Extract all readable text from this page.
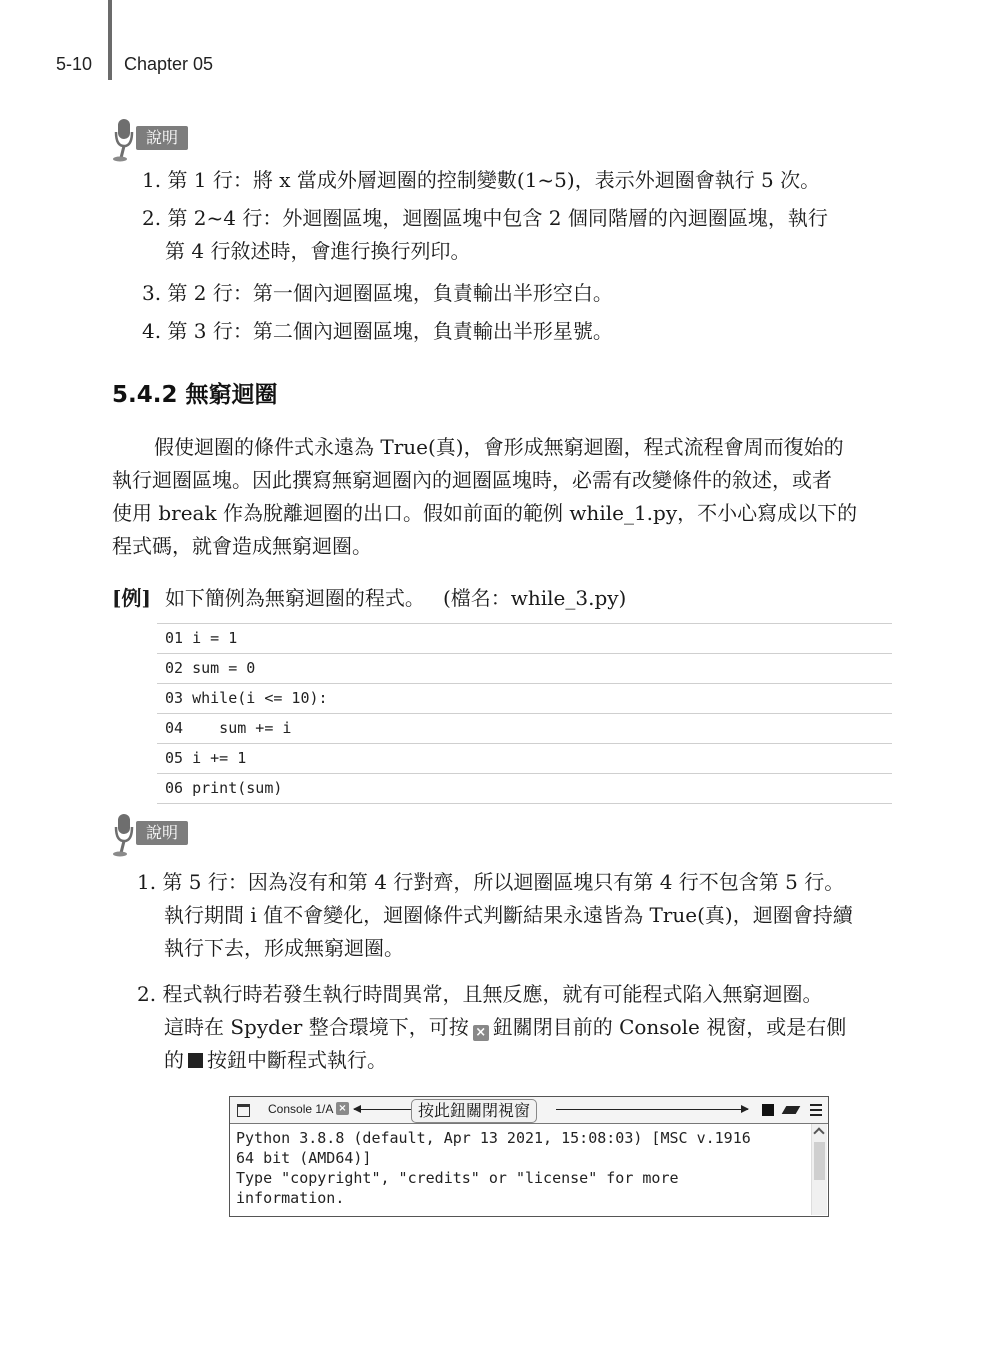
5-10 Chapter 05
說明
1. 第 1 行：將 x 當成外層迴圈的控制變數(1~5)，表示外迴圈會執行 5 次。
2. 第 2~4 行：外迴圈區塊，迴圈區塊中包含 2 個同階層的內迴圈區塊，執行
第 4 行敘述時，會進行換行列印。
3. 第 2 行：第一個內迴圈區塊，負責輸出半形空白。
4. 第 3 行：第二個內迴圈區塊，負責輸出半形星號。
5.4.2 無窮迴圈
假使迴圈的條件式永遠為 True(真)，會形成無窮迴圈，程式流程會周而復始的
執行迴圈區塊。因此撰寫無窮迴圈內的迴圈區塊時，必需有改變條件的敘述，或者
使用 break 作為脫離迴圈的出口。假如前面的範例 while_1.py，不小心寫成以下的
程式碼，就會造成無窮迴圈。
[例] 如下簡例為無窮迴圈的程式。 (檔名：while_3.py)
01 i = 1
02 sum = 0
03 while(i <= 10):
04    sum += i
05 i += 1
06 print(sum)
說明
1. 第 5 行：因為沒有和第 4 行對齊，所以迴圈區塊只有第 4 行不包含第 5 行。
執行期間 i 值不會變化，迴圈條件式判斷結果永遠皆為 True(真)，迴圈會持續
執行下去，形成無窮迴圈。
2. 程式執行時若發生執行時間異常，且無反應，就有可能程式陷入無窮迴圈。
這時在 Spyder 整合環境下，可按 × 鈕關閉目前的 Console 視窗，或是右側
的 按鈕中斷程式執行。
Console 1/A ×	按此鈕關閉視窗
Python 3.8.8 (default, Apr 13 2021, 15:08:03) [MSC v.1916
64 bit (AMD64)]
Type "copyright", "credits" or "license" for more
information.
